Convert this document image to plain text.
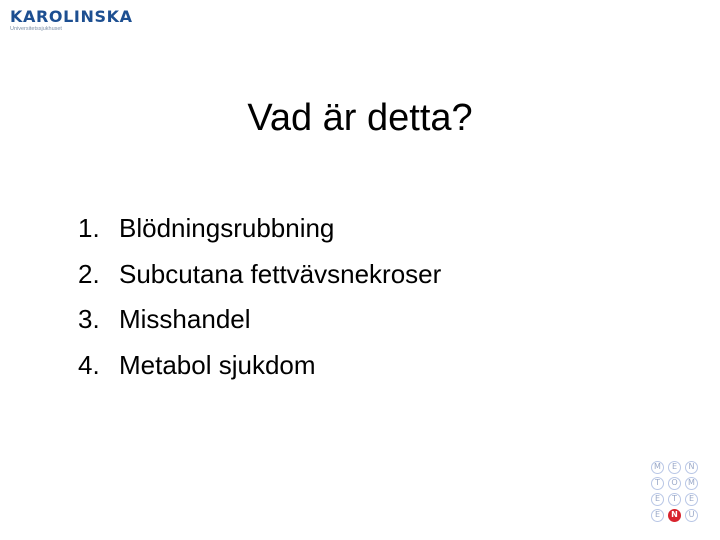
KAROLINSKA
Universitetssjukhuset
Vad är detta?
1. Blödningsrubbning
2. Subcutana fettvävsnekroser
3. Misshandel
4. Metabol sjukdom
M	E	N
T	O	M
E	T	E
E	N	U
